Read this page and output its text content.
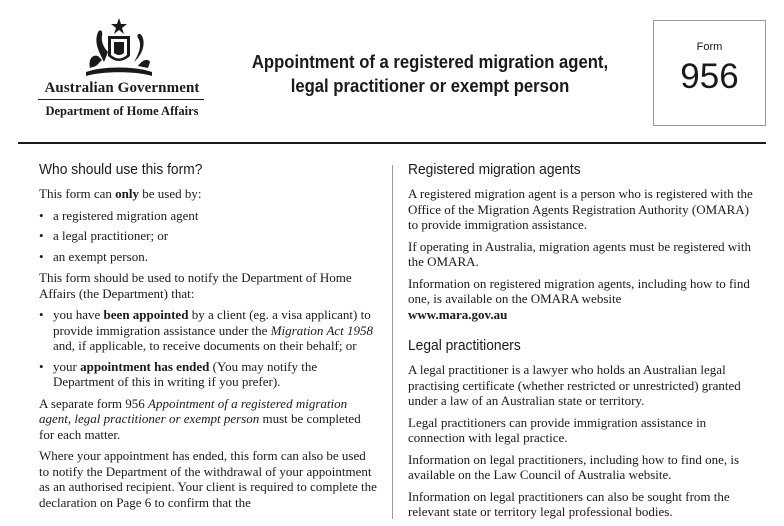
Australian Government
Department of Home Affairs
Appointment of a registered migration agent,
legal practitioner or exempt person
Form
956
Who should use this form?

This form can only be used by:

• a registered migration agent
• a legal practitioner; or
• an exempt person.

This form should be used to notify the Department of Home Affairs (the Department) that:

• you have been appointed by a client (eg. a visa applicant) to provide immigration assistance under the Migration Act 1958 and, if applicable, to receive documents on their behalf; or
• your appointment has ended (You may notify the Department of this in writing if you prefer).

A separate form 956 Appointment of a registered migration agent, legal practitioner or exempt person must be completed for each matter.

Where your appointment has ended, this form can also be used to notify the Department of the withdrawal of your appointment as an authorised recipient. Your client is required to complete the declaration on Page 6 to confirm that the

Registered migration agents

A registered migration agent is a person who is registered with the Office of the Migration Agents Registration Authority (OMARA) to provide immigration assistance.

If operating in Australia, migration agents must be registered with the OMARA.

Information on registered migration agents, including how to find one, is available on the OMARA website
www.mara.gov.au

Legal practitioners

A legal practitioner is a lawyer who holds an Australian legal practising certificate (whether restricted or unrestricted) granted under a law of an Australian state or territory.

Legal practitioners can provide immigration assistance in connection with legal practice.

Information on legal practitioners, including how to find one, is available on the Law Council of Australia website.

Information on legal practitioners can also be sought from the relevant state or territory legal professional bodies.
